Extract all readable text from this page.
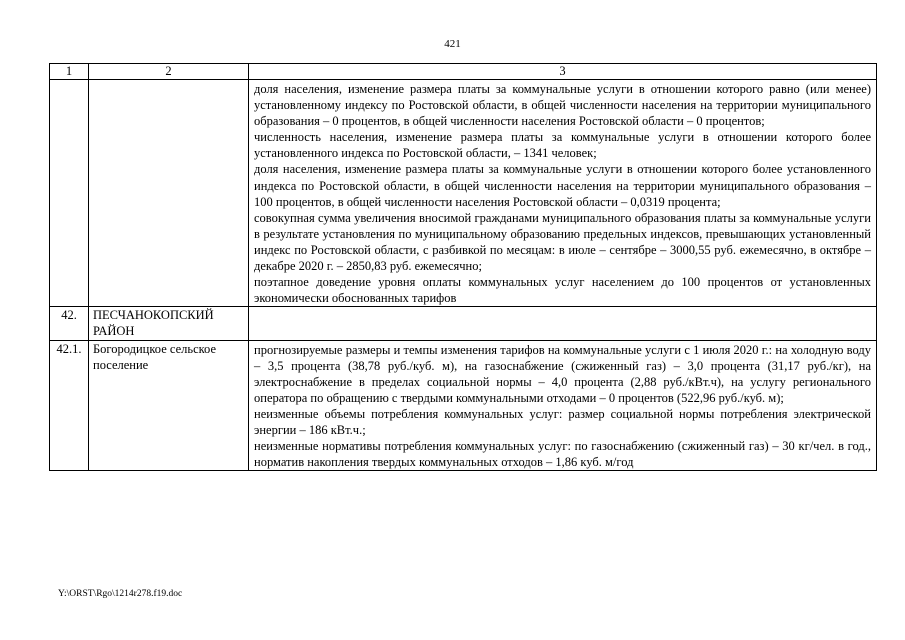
421
1	2	3

		доля населения, изменение размера платы за коммунальные услуги в отношении которого равно (или менее) установленному индексу по Ростовской области, в общей численности населения на территории муниципального образования – 0 процентов, в общей численности населения Ростовской области – 0 процентов;
численность населения, изменение размера платы за коммунальные услуги в отношении которого более установленного индекса по Ростовской области, – 1341 человек;
доля населения, изменение размера платы за коммунальные услуги в отношении которого более установленного индекса по Ростовской области, в общей численности населения на территории муниципального образования – 100 процентов, в общей численности населения Ростовской области – 0,0319 процента;
совокупная сумма увеличения вносимой гражданами муниципального образования платы за коммунальные услуги в результате установления по муниципальному образованию предельных индексов, превышающих установленный индекс по Ростовской области, с разбивкой по месяцам: в июле – сентябре – 3000,55 руб. ежемесячно, в октябре – декабре 2020 г. – 2850,83 руб. ежемесячно;
поэтапное доведение уровня оплаты коммунальных услуг населением до 100 процентов от установленных экономически обоснованных тарифов

42.	ПЕСЧАНОКОПСКИЙ РАЙОН	
42.1.	Богородицкое сельское поселение	прогнозируемые размеры и темпы изменения тарифов на коммунальные услуги с 1 июля 2020 г.: на холодную воду – 3,5 процента (38,78 руб./куб. м), на газоснабжение (сжиженный газ) – 3,0 процента (31,17 руб./кг), на электроснабжение в пределах социальной нормы – 4,0 процента (2,88 руб./кВт.ч), на услугу регионального оператора по обращению с твердыми коммунальными отходами – 0 процентов (522,96 руб./куб. м);
неизменные объемы потребления коммунальных услуг: размер социальной нормы потребления электрической энергии – 186 кВт.ч.;
неизменные нормативы потребления коммунальных услуг: по газоснабжению (сжиженный газ) – 30 кг/чел. в год., норматив накопления твердых коммунальных отходов – 1,86 куб. м/год
Y:\ORST\Rgo\1214r278.f19.doc
